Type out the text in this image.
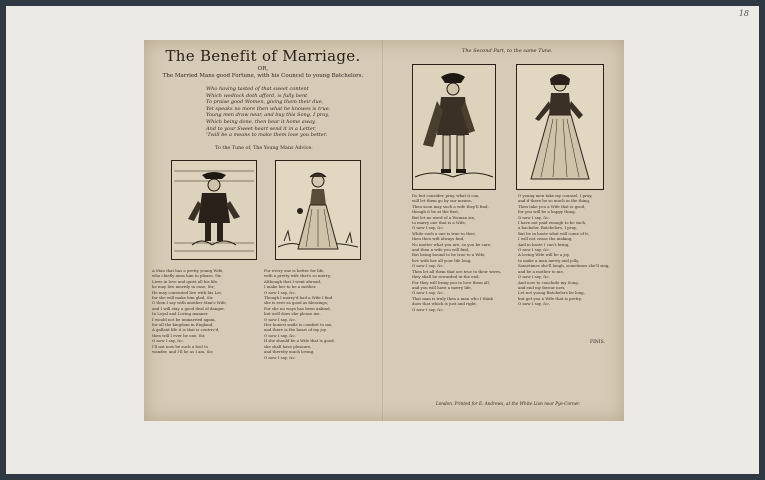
18
The Benefit of Marriage.
OR,
The Married Mans good Fortune, with his Councel to young Batchelors.
Who having tasted of that sweet content
Which wedlock doth afford, is fully bent
To praise good Women, giving them their due,
Yet speaks no more then what he knowes is true.
Young men draw near, and buy this Song, I pray,
Which being done, then bear it home away,
And to your Sweet-heart send it in a Letter,
'Twill be a means to make them love you better.
To the Tune of, The Young Mans Advice.
The Second Part, to the same Tune.
A Man that has a pretty young Wife,
who chiefly aims him to please, Sir,
Lives in love and quiet all his life,
he may live merrily in ease, Sir;
He may contented live with his Lot,
for she will make him glad, Sir.
O then I say with another Man's Wife,
and I will stay a good deal of danger,
In Loyal and Loving manner.
I would not be unmarried again,
for all the kingdom in England,
A gallant life it is that is contriv'd,
then will I ever be one, Sir,
O now I say, &c.
I'll not now be such a fool to
wander, and I'll be as I am, Sir.
For every one is better for life,
with a pretty wife that's so merry;
Although that I went abroad,
I make her to be a mother.
O now I say, &c.
Though I marry'd had a Wife I find
she is ever as good as blessings;
For she no ways has been unkind,
but well does she please me.
O now I say, &c.
Her honest smile is comfort to me,
and there is the heart of my joy.
O now I say, &c.
If she should be a Wife that is good,
she shall have pleasure,
and thereby much loving,
O now I say, &c.
Do but consider, pray, what it can,
will let them go by our means,
Then soon may such a wife they'll find,
though it be at the first,
But let no word of a Woman sin,
to marry one that is a Wife,
O now I say, &c.
While such a one is true to thee,
then thou wilt always find,
No matter what you are, so you be sure,
and then a wife you will find,
But being bound to be true to a Wife,
live with her all your life long,
O now I say, &c.
Then let all them that are true to their wives,
they shall be rewarded in the end,
For they will bring you to love them all,
and you will have a merry life,
O now I say, &c.
That man is truly then a man who I think
does that which is just and right,
O now I say, &c.
O young men take my counsel, I pray,
and if there be so much in the thing,
Then take you a Wife that is good,
for you will be a happy thing,
O now I say, &c.
I have not paid enough to be such,
a bachelor, Batchelors, I pray,
But be in haste what will come of it,
I will not cease the making,
And in haste I can't bring,
O now I say, &c.
A loving Wife will be a joy,
to make a man merry and jolly,
Sometimes she'll laugh, sometimes she'll sing,
and be a mother to me,
O now I say, &c.
And now to conclude my Song,
and end my favour now,
Let not young Batchelors be long,
but get you a Wife that is pretty,
O now I say, &c.
FINIS.
London, Printed for E. Andrews, at the White Lion near Pye-Corner.
